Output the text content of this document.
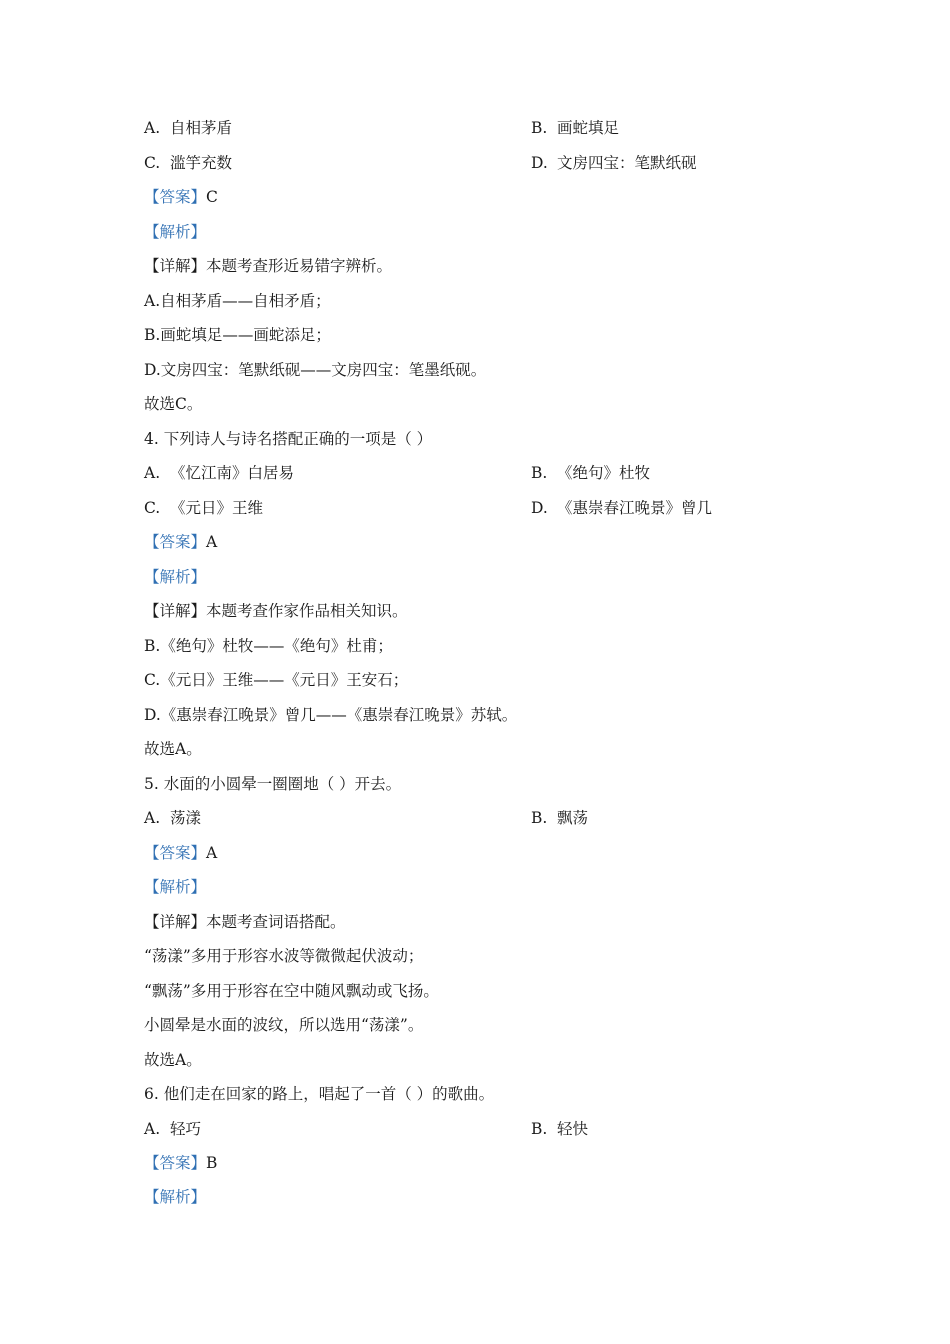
A. 自相茅盾	B. 画蛇填足
C. 滥竽充数	D. 文房四宝：笔默纸砚
【答案】C
【解析】
【详解】本题考查形近易错字辨析。
A.自相茅盾——自相矛盾；
B.画蛇填足——画蛇添足；
D.文房四宝：笔默纸砚——文房四宝：笔墨纸砚。
故选C。
4. 下列诗人与诗名搭配正确的一项是（ ）
A. 《忆江南》白居易	B. 《绝句》杜牧
C. 《元日》王维	D. 《惠崇春江晚景》曾几
【答案】A
【解析】
【详解】本题考查作家作品相关知识。
B.《绝句》杜牧——《绝句》杜甫；
C.《元日》王维——《元日》王安石；
D.《惠崇春江晚景》曾几——《惠崇春江晚景》苏轼。
故选A。
5. 水面的小圆晕一圈圈地（ ）开去。
A. 荡漾	B. 飘荡
【答案】A
【解析】
【详解】本题考查词语搭配。
“荡漾”多用于形容水波等微微起伏波动；
“飘荡”多用于形容在空中随风飘动或飞扬。
小圆晕是水面的波纹，所以选用“荡漾”。
故选A。
6. 他们走在回家的路上，唱起了一首（ ）的歌曲。
A. 轻巧	B. 轻快
【答案】B
【解析】
